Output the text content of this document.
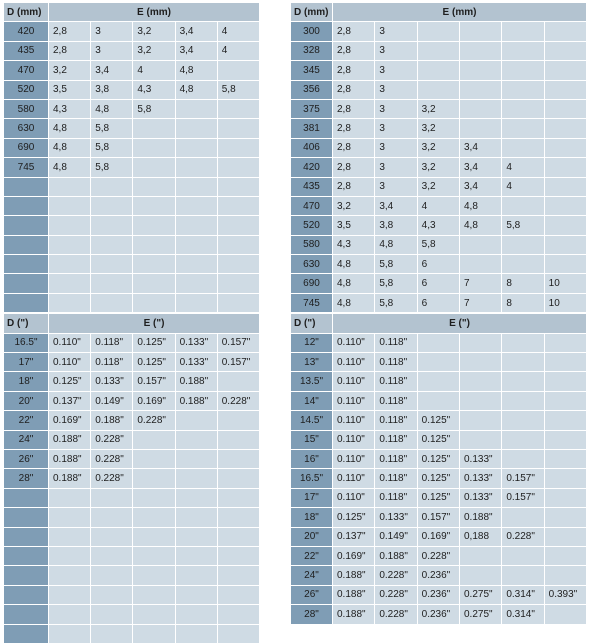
D (mm)	E (mm)				
420	2,8	3	3,2	3,4	4
435	2,8	3	3,2	3,4	4
470	3,2	3,4	4	4,8	
520	3,5	3,8	4,3	4,8	5,8
580	4,3	4,8	5,8		
630	4,8	5,8			
690	4,8	5,8			
745	4,8	5,8			

D (")	E (")				
16.5"	0.110"	0.118"	0.125"	0.133"	0.157"
17"	0.110"	0.118"	0.125"	0.133"	0.157"
18"	0.125"	0.133"	0.157"	0.188"	
20"	0.137"	0.149"	0.169"	0.188"	0.228"
22"	0.169"	0.188"	0.228"		
24"	0.188"	0.228"			
26"	0.188"	0.228"			
28"	0.188"	0.228"			

D (mm)	E (mm)					
300	2,8	3				
328	2,8	3				
345	2,8	3				
356	2,8	3				
375	2,8	3	3,2			
381	2,8	3	3,2			
406	2,8	3	3,2	3,4		
420	2,8	3	3,2	3,4	4	
435	2,8	3	3,2	3,4	4	
470	3,2	3,4	4	4,8		
520	3,5	3,8	4,3	4,8	5,8	
580	4,3	4,8	5,8			
630	4,8	5,8	6			
690	4,8	5,8	6	7	8	10
745	4,8	5,8	6	7	8	10
D (")	E (")					
12"	0.110"	0.118"				
13"	0.110"	0.118"				
13.5"	0.110"	0.118"				
14"	0.110"	0.118"				
14.5"	0.110"	0.118"	0.125"			
15"	0.110"	0.118"	0.125"			
16"	0.110"	0.118"	0.125"	0.133"		
16.5"	0.110"	0.118"	0.125"	0.133"	0.157"	
17"	0.110"	0.118"	0.125"	0.133"	0.157"	
18"	0.125"	0.133"	0.157"	0.188"		
20"	0.137"	0.149"	0.169"	0,188	0.228"	
22"	0.169"	0.188"	0.228"			
24"	0.188"	0.228"	0.236"			
26"	0.188"	0.228"	0.236"	0.275"	0.314"	0.393"
28"	0.188"	0.228"	0.236"	0.275"	0.314"	
